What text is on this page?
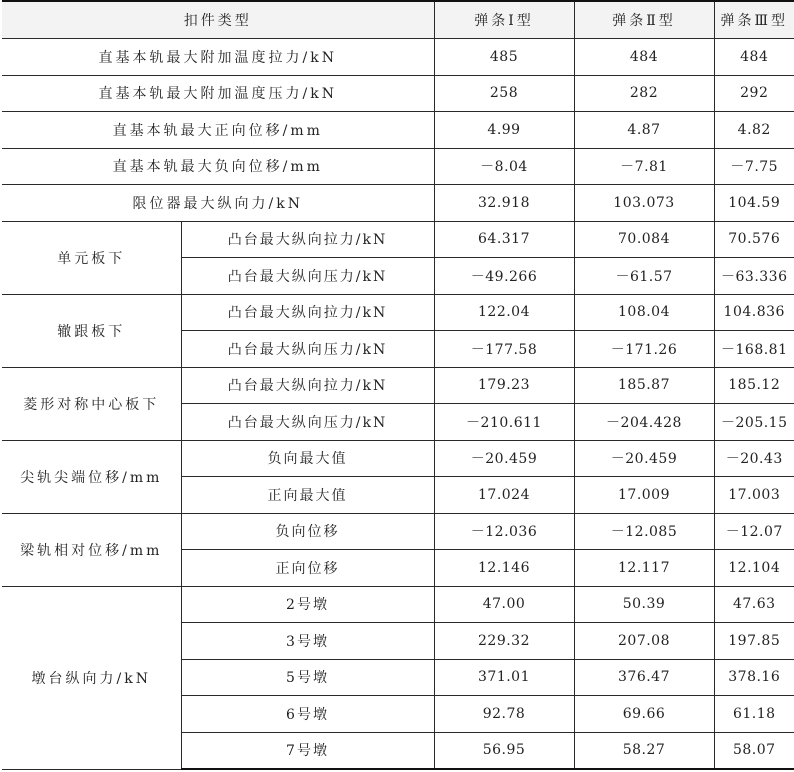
扣件类型		弹条Ⅰ型	弹条Ⅱ型	弹条Ⅲ型
直基本轨最大附加温度拉力/kN		485	484	484
直基本轨最大附加温度压力/kN		258	282	292
直基本轨最大正向位移/mm		4.99	4.87	4.82
直基本轨最大负向位移/mm		－8.04	－7.81	－7.75
限位器最大纵向力/kN		32.918	103.073	104.59
单元板下	凸台最大纵向拉力/kN	64.317	70.084	70.576
	凸台最大纵向压力/kN	－49.266	－61.57	－63.336
辙跟板下	凸台最大纵向拉力/kN	122.04	108.04	104.836
	凸台最大纵向压力/kN	－177.58	－171.26	－168.81
菱形对称中心板下	凸台最大纵向拉力/kN	179.23	185.87	185.12
	凸台最大纵向压力/kN	－210.611	－204.428	－205.15
尖轨尖端位移/mm	负向最大值	－20.459	－20.459	－20.43
	正向最大值	17.024	17.009	17.003
梁轨相对位移/mm	负向位移	－12.036	－12.085	－12.07
	正向位移	12.146	12.117	12.104
墩台纵向力/kN	2号墩	47.00	50.39	47.63
	3号墩	229.32	207.08	197.85
	5号墩	371.01	376.47	378.16
	6号墩	92.78	69.66	61.18
	7号墩	56.95	58.27	58.07
